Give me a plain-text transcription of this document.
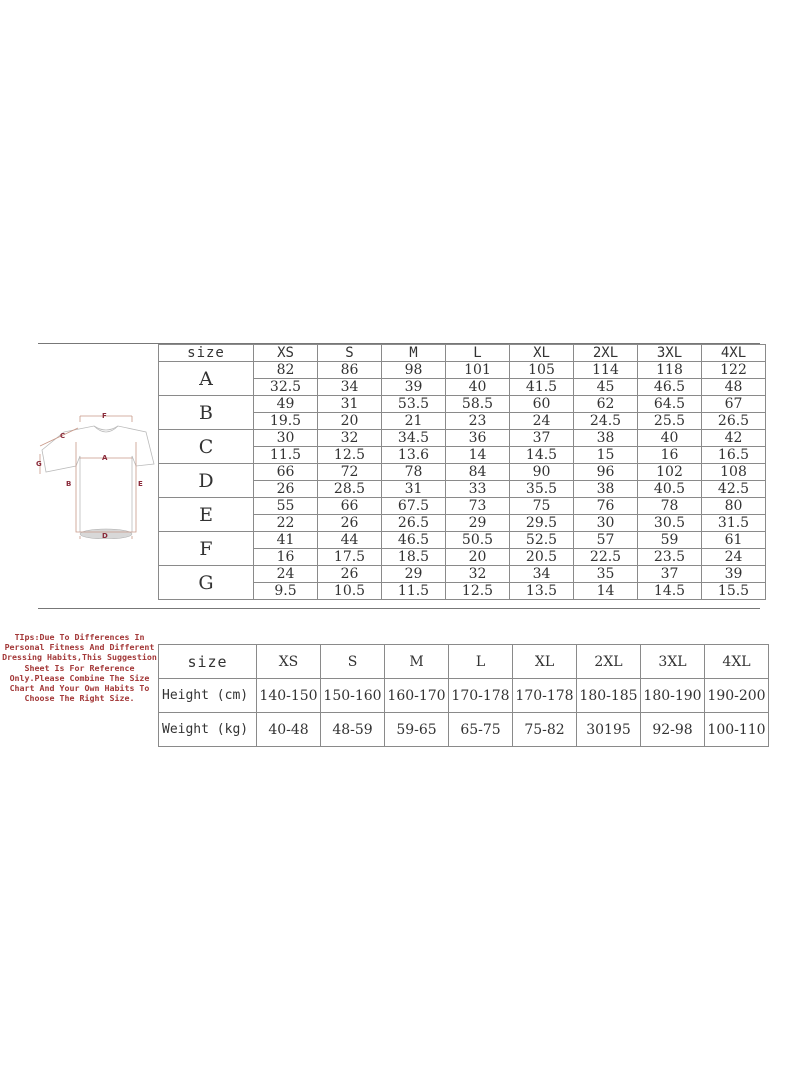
F
C
A
G
B	E
D
size	XS	S	M	L	XL	2XL	3XL	4XL
A	82	86	98	101	105	114	118	122
	32.5	34	39	40	41.5	45	46.5	48
B	49	31	53.5	58.5	60	62	64.5	67
	19.5	20	21	23	24	24.5	25.5	26.5
C	30	32	34.5	36	37	38	40	42
	11.5	12.5	13.6	14	14.5	15	16	16.5
D	66	72	78	84	90	96	102	108
	26	28.5	31	33	35.5	38	40.5	42.5
E	55	66	67.5	73	75	76	78	80
	22	26	26.5	29	29.5	30	30.5	31.5
F	41	44	46.5	50.5	52.5	57	59	61
	16	17.5	18.5	20	20.5	22.5	23.5	24
G	24	26	29	32	34	35	37	39
	9.5	10.5	11.5	12.5	13.5	14	14.5	15.5
TIps:Due To Differences In Personal Fitness And Different Dressing Habits,This Suggestion Sheet Is For Reference Only.Please Combine The Size Chart And Your Own Habits To Choose The Right Size.
size	XS	S	M	L	XL	2XL	3XL	4XL
Height (cm)	140-150	150-160	160-170	170-178	170-178	180-185	180-190	190-200
Weight (kg)	40-48	48-59	59-65	65-75	75-82	30195	92-98	100-110
